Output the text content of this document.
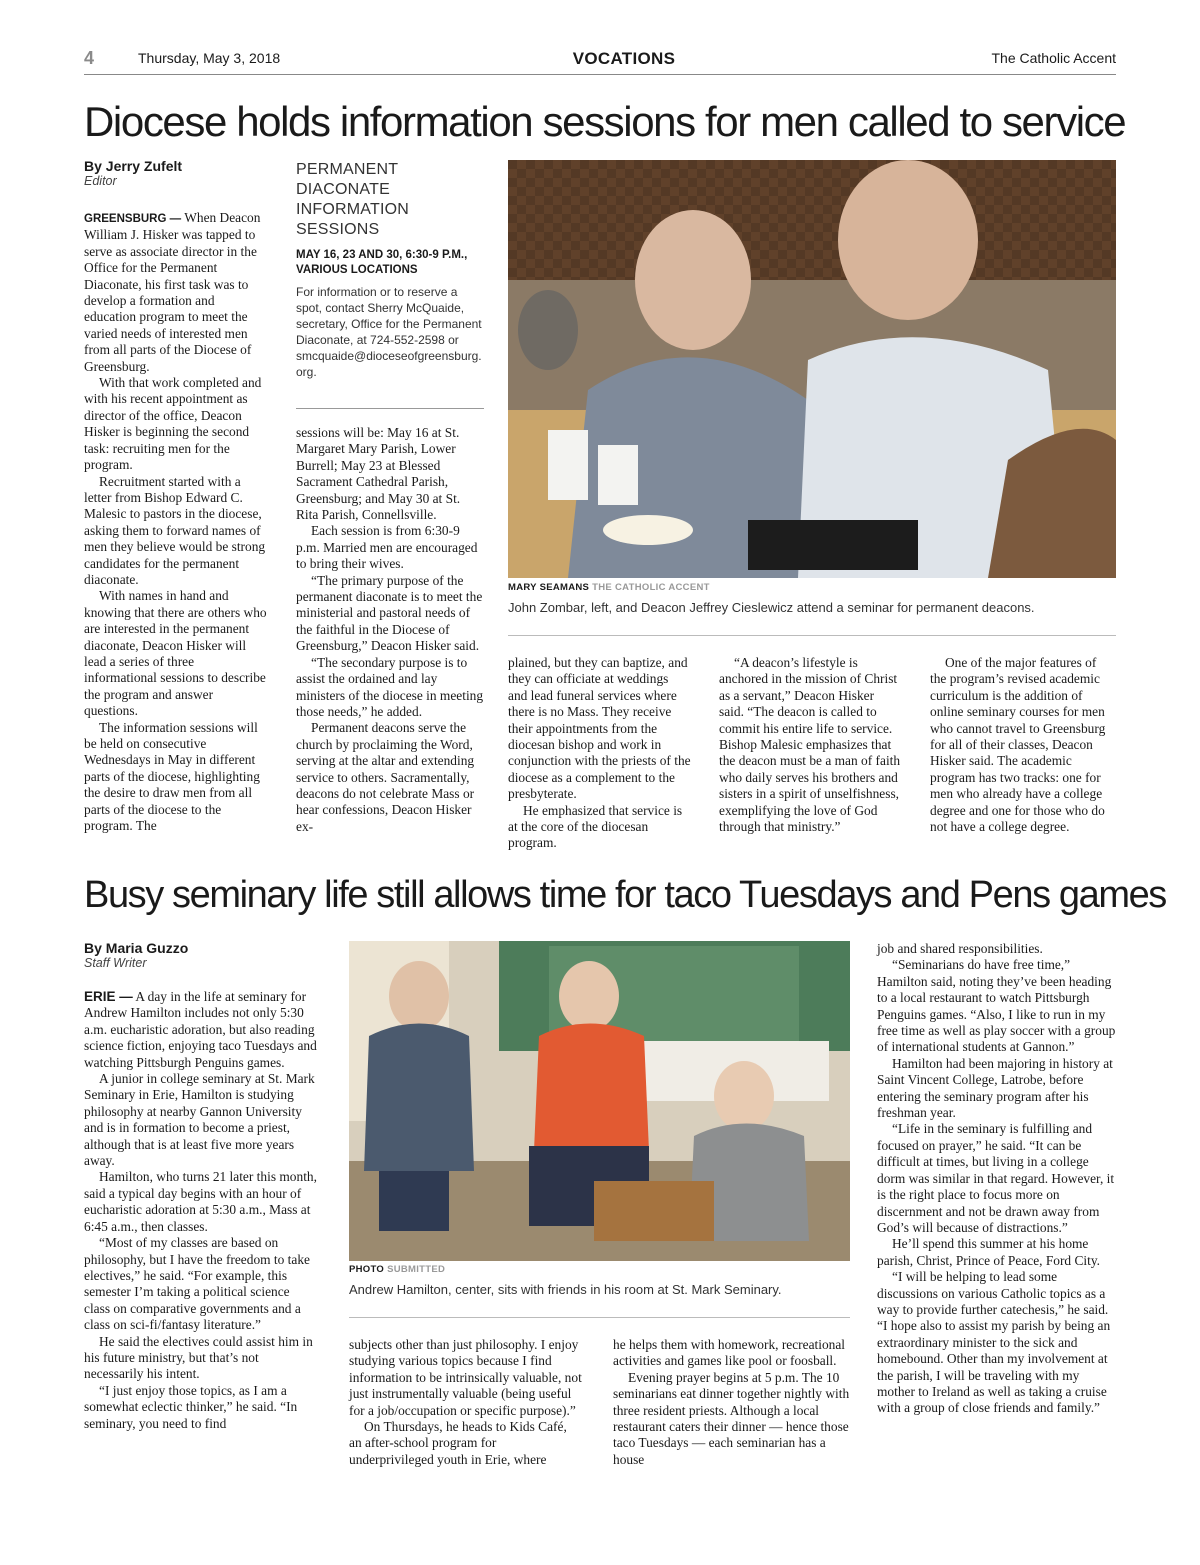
4	Thursday, May 3, 2018	VOCATIONS	The Catholic Accent
Diocese holds information sessions for men called to service
By Jerry Zufelt
Editor

GREENSBURG — When Deacon William J. Hisker was tapped to serve as associate director in the Office for the Permanent Diaconate, his first task was to develop a formation and education program to meet the varied needs of interested men from all parts of the Diocese of Greensburg.

With that work completed and with his recent appointment as director of the office, Deacon Hisker is beginning the second task: recruiting men for the program.

Recruitment started with a letter from Bishop Edward C. Malesic to pastors in the diocese, asking them to forward names of men they believe would be strong candidates for the permanent diaconate.

With names in hand and knowing that there are others who are interested in the permanent diaconate, Deacon Hisker will lead a series of three informational sessions to describe the program and answer questions.

The information sessions will be held on consecutive Wednesdays in May in different parts of the diocese, highlighting the desire to draw men from all parts of the diocese to the program. The

PERMANENT DIACONATE INFORMATION SESSIONS
MAY 16, 23 AND 30, 6:30-9 P.M., VARIOUS LOCATIONS
For information or to reserve a spot, contact Sherry McQuaide, secretary, Office for the Permanent Diaconate, at 724-552-2598 or smcquaide@dioceseofgreensburg.org.

sessions will be: May 16 at St. Margaret Mary Parish, Lower Burrell; May 23 at Blessed Sacrament Cathedral Parish, Greensburg; and May 30 at St. Rita Parish, Connellsville.

Each session is from 6:30-9 p.m. Married men are encouraged to bring their wives.

“The primary purpose of the permanent diaconate is to meet the ministerial and pastoral needs of the faithful in the Diocese of Greensburg,” Deacon Hisker said.

“The secondary purpose is to assist the ordained and lay ministers of the diocese in meeting those needs,” he added.

Permanent deacons serve the church by proclaiming the Word, serving at the altar and extending service to others. Sacramentally, deacons do not celebrate Mass or hear confessions, Deacon Hisker ex-

MARY SEAMANS THE CATHOLIC ACCENT
John Zombar, left, and Deacon Jeffrey Cieslewicz attend a seminar for permanent deacons.

plained, but they can baptize, and they can officiate at weddings and lead funeral services where there is no Mass. They receive their appointments from the diocesan bishop and work in conjunction with the priests of the diocese as a complement to the presbyterate.

He emphasized that service is at the core of the diocesan program.

“A deacon’s lifestyle is anchored in the mission of Christ as a servant,” Deacon Hisker said. “The deacon is called to commit his entire life to service. Bishop Malesic emphasizes that the deacon must be a man of faith who daily serves his brothers and sisters in a spirit of unselfishness, exemplifying the love of God through that ministry.”

One of the major features of the program’s revised academic curriculum is the addition of online seminary courses for men who cannot travel to Greensburg for all of their classes, Deacon Hisker said. The academic program has two tracks: one for men who already have a college degree and one for those who do not have a college degree.

Busy seminary life still allows time for taco Tuesdays and Pens games
By Maria Guzzo
Staff Writer

ERIE — A day in the life at seminary for Andrew Hamilton includes not only 5:30 a.m. eucharistic adoration, but also reading science fiction, enjoying taco Tuesdays and watching Pittsburgh Penguins games.

A junior in college seminary at St. Mark Seminary in Erie, Hamilton is studying philosophy at nearby Gannon University and is in formation to become a priest, although that is at least five more years away.

Hamilton, who turns 21 later this month, said a typical day begins with an hour of eucharistic adoration at 5:30 a.m., Mass at 6:45 a.m., then classes.

“Most of my classes are based on philosophy, but I have the freedom to take electives,” he said. “For example, this semester I’m taking a political science class on comparative governments and a class on sci-fi/fantasy literature.”

He said the electives could assist him in his future ministry, but that’s not necessarily his intent.

“I just enjoy those topics, as I am a somewhat eclectic thinker,” he said. “In seminary, you need to find

PHOTO SUBMITTED
Andrew Hamilton, center, sits with friends in his room at St. Mark Seminary.

subjects other than just philosophy. I enjoy studying various topics because I find information to be intrinsically valuable, not just instrumentally valuable (being useful for a job/occupation or specific purpose).”

On Thursdays, he heads to Kids Café, an after-school program for underprivileged youth in Erie, where

he helps them with homework, recreational activities and games like pool or foosball.

Evening prayer begins at 5 p.m. The 10 seminarians eat dinner together nightly with three resident priests. Although a local restaurant caters their dinner — hence those taco Tuesdays — each seminarian has a house

job and shared responsibilities.

“Seminarians do have free time,” Hamilton said, noting they’ve been heading to a local restaurant to watch Pittsburgh Penguins games. “Also, I like to run in my free time as well as play soccer with a group of international students at Gannon.”

Hamilton had been majoring in history at Saint Vincent College, Latrobe, before entering the seminary program after his freshman year.

“Life in the seminary is fulfilling and focused on prayer,” he said. “It can be difficult at times, but living in a college dorm was similar in that regard. However, it is the right place to focus more on discernment and not be drawn away from God’s will because of distractions.”

He’ll spend this summer at his home parish, Christ, Prince of Peace, Ford City.

“I will be helping to lead some discussions on various Catholic topics as a way to provide further catechesis,” he said. “I hope also to assist my parish by being an extraordinary minister to the sick and homebound. Other than my involvement at the parish, I will be traveling with my mother to Ireland as well as taking a cruise with a group of close friends and family.”
